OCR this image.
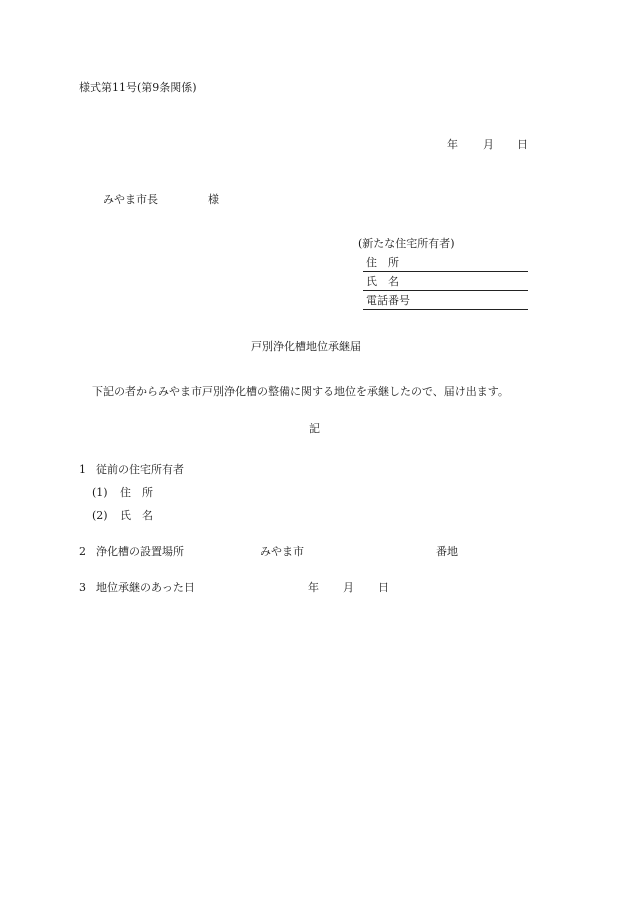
様式第11号(第9条関係)
年 月 日
みやま市長	様
(新たな住宅所有者)
住　所
氏　名
電話番号
戸別浄化槽地位承継届
下記の者からみやま市戸別浄化槽の整備に関する地位を承継したので、届け出ます。
記
1 従前の住宅所有者
(1) 住　所
(2) 氏　名
2 浄化槽の設置場所	みやま市	番地
3 地位承継のあった日	年 月 日
